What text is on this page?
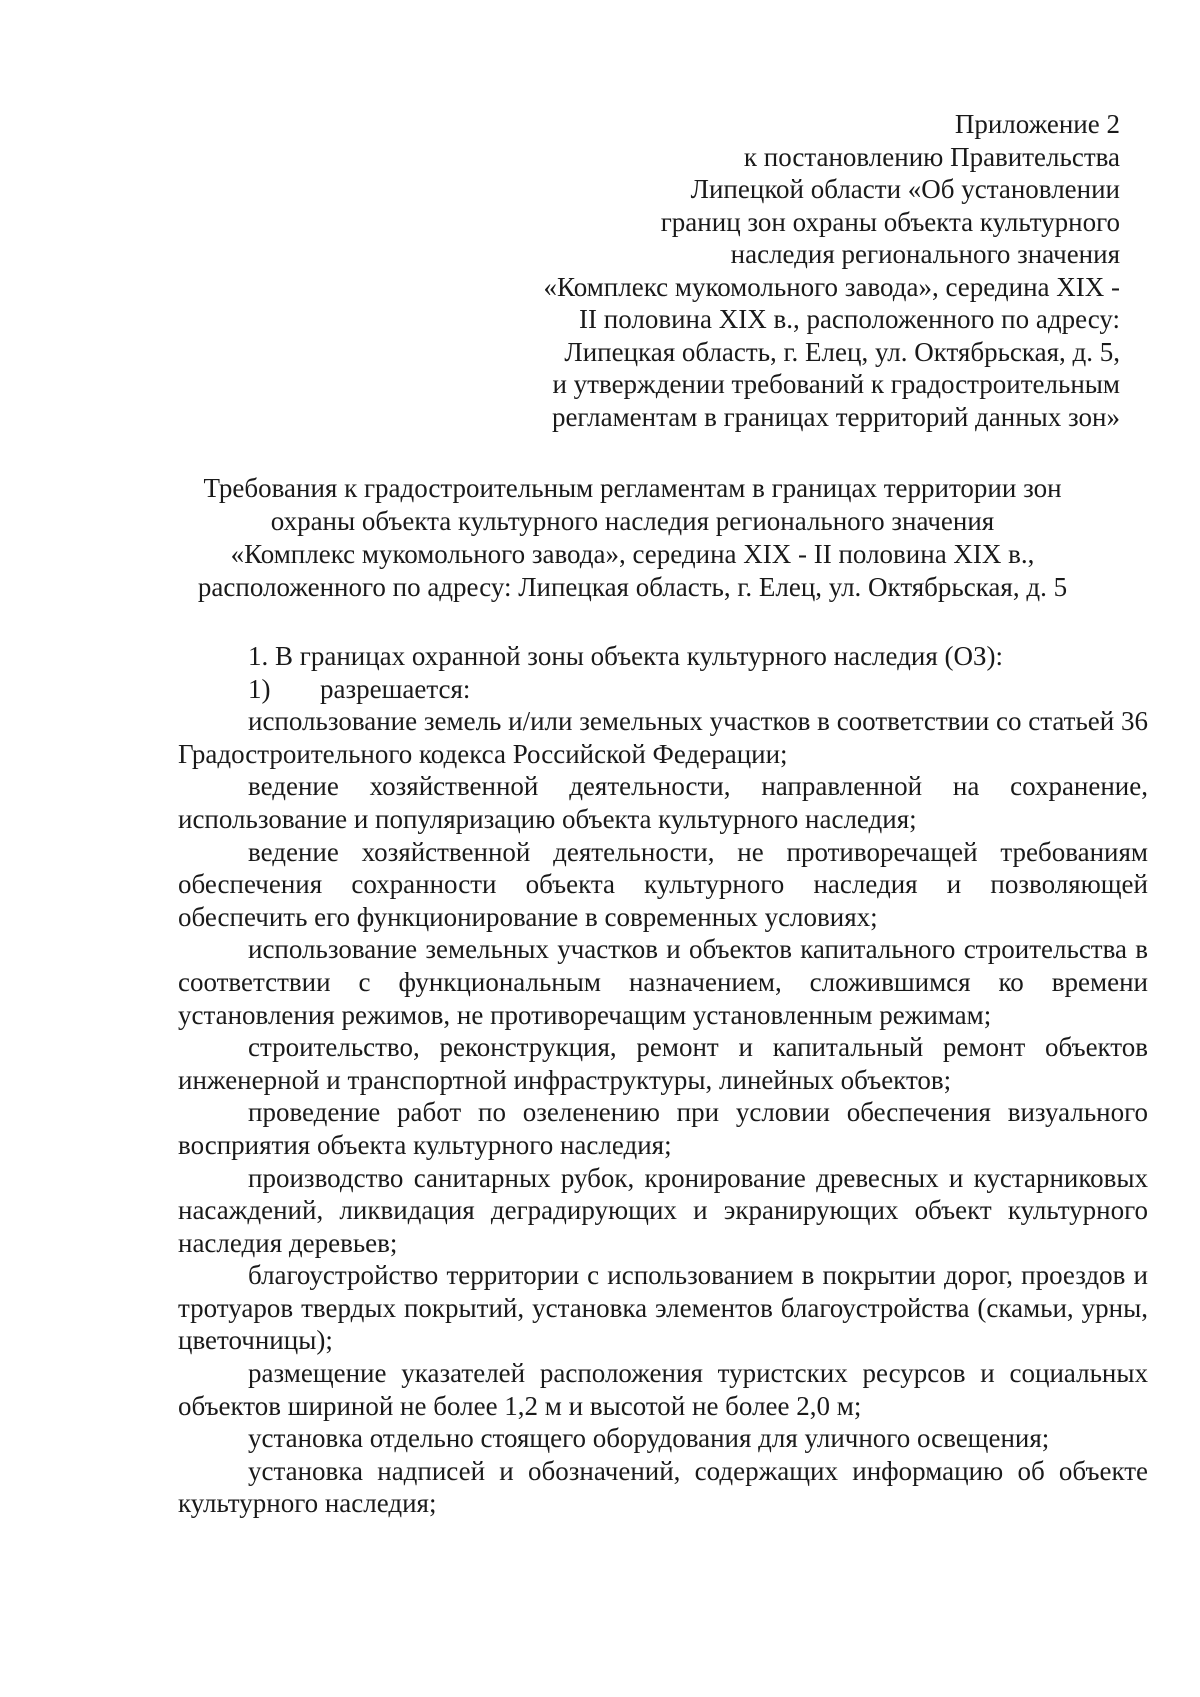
Приложение 2
к постановлению Правительства
Липецкой области «Об установлении
границ зон охраны объекта культурного
наследия регионального значения
«Комплекс мукомольного завода», середина XIX -
II половина XIX в., расположенного по адресу:
Липецкая область, г. Елец, ул. Октябрьская, д. 5,
и утверждении требований к градостроительным
регламентам в границах территорий данных зон»
Требования к градостроительным регламентам в границах территории зон
охраны объекта культурного наследия регионального значения
«Комплекс мукомольного завода», середина XIX - II половина XIX в.,
расположенного по адресу: Липецкая область, г. Елец, ул. Октябрьская, д. 5

1. В границах охранной зоны объекта культурного наследия (ОЗ):

1) разрешается:

использование земель и/или земельных участков в соответствии со статьей 36 Градостроительного кодекса Российской Федерации;

ведение хозяйственной деятельности, направленной на сохранение, использование и популяризацию объекта культурного наследия;

ведение хозяйственной деятельности, не противоречащей требованиям обеспечения сохранности объекта культурного наследия и позволяющей обеспечить его функционирование в современных условиях;

использование земельных участков и объектов капитального строительства в соответствии с функциональным назначением, сложившимся ко времени установления режимов, не противоречащим установленным режимам;

строительство, реконструкция, ремонт и капитальный ремонт объектов инженерной и транспортной инфраструктуры, линейных объектов;

проведение работ по озеленению при условии обеспечения визуального восприятия объекта культурного наследия;

производство санитарных рубок, кронирование древесных и кустарниковых насаждений, ликвидация деградирующих и экранирующих объект культурного наследия деревьев;

благоустройство территории с использованием в покрытии дорог, проездов и тротуаров твердых покрытий, установка элементов благоустройства (скамьи, урны, цветочницы);

размещение указателей расположения туристских ресурсов и социальных объектов шириной не более 1,2 м и высотой не более 2,0 м;

установка отдельно стоящего оборудования для уличного освещения;

установка надписей и обозначений, содержащих информацию об объекте культурного наследия;
